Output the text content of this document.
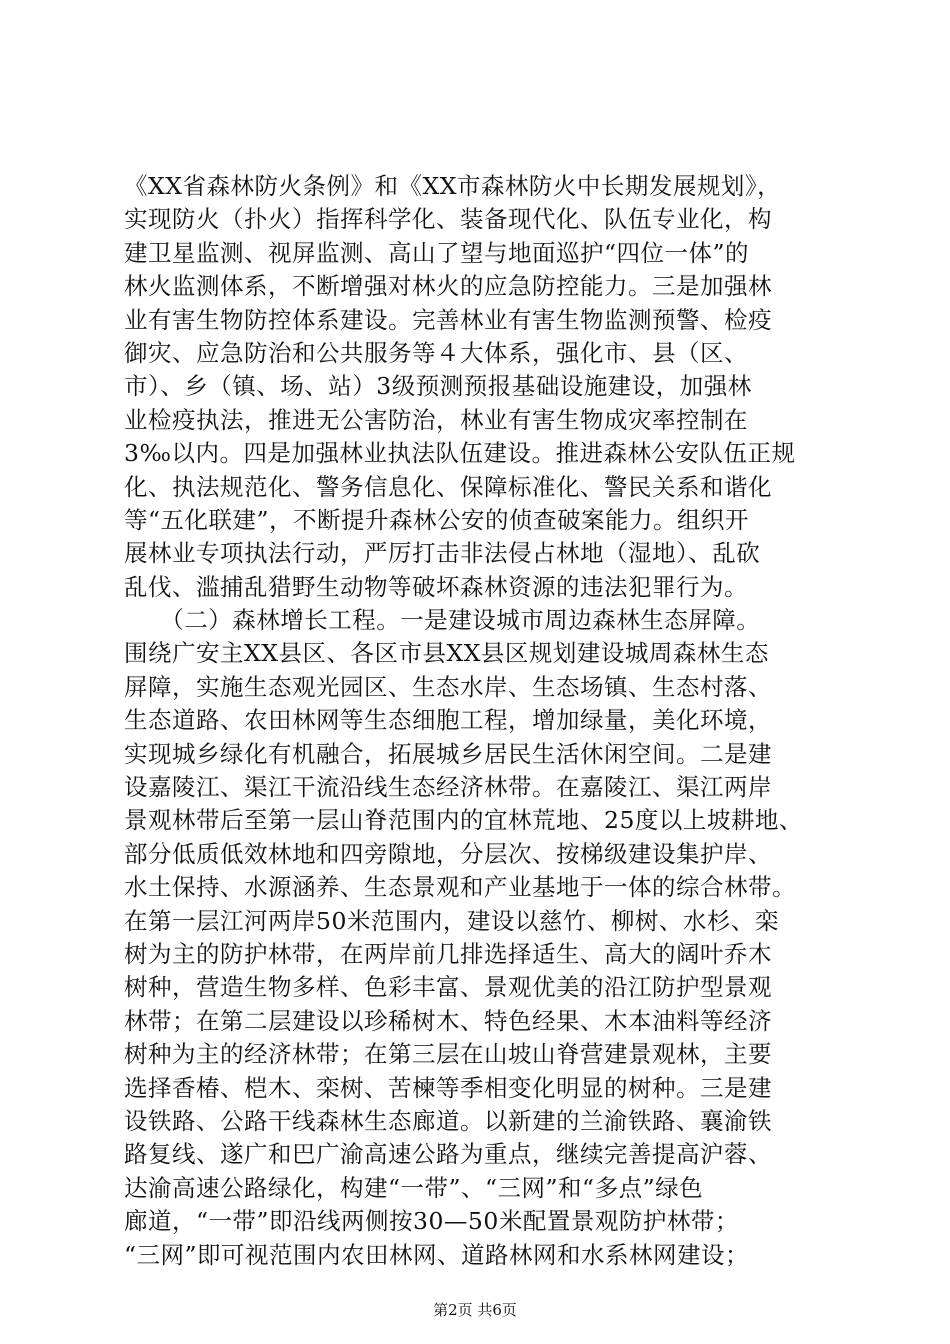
《XX省森林防火条例》和《XX市森林防火中长期发展规划》，
实现防火（扑火）指挥科学化、装备现代化、队伍专业化，构
建卫星监测、视屏监测、高山了望与地面巡护“四位一体”的
林火监测体系，不断增强对林火的应急防控能力。三是加强林
业有害生物防控体系建设。完善林业有害生物监测预警、检疫
御灾、应急防治和公共服务等４大体系，强化市、县（区、
市）、乡（镇、场、站）3级预测预报基础设施建设，加强林
业检疫执法，推进无公害防治，林业有害生物成灾率控制在
3‰以内。四是加强林业执法队伍建设。推进森林公安队伍正规
化、执法规范化、警务信息化、保障标准化、警民关系和谐化
等“五化联建”，不断提升森林公安的侦查破案能力。组织开
展林业专项执法行动，严厉打击非法侵占林地（湿地）、乱砍
乱伐、滥捕乱猎野生动物等破坏森林资源的违法犯罪行为。
　　（二）森林增长工程。一是建设城市周边森林生态屏障。
围绕广安主XX县区、各区市县XX县区规划建设城周森林生态
屏障，实施生态观光园区、生态水岸、生态场镇、生态村落、
生态道路、农田林网等生态细胞工程，增加绿量，美化环境，
实现城乡绿化有机融合，拓展城乡居民生活休闲空间。二是建
设嘉陵江、渠江干流沿线生态经济林带。在嘉陵江、渠江两岸
景观林带后至第一层山脊范围内的宜林荒地、25度以上坡耕地、
部分低质低效林地和四旁隙地，分层次、按梯级建设集护岸、
水土保持、水源涵养、生态景观和产业基地于一体的综合林带。
在第一层江河两岸50米范围内，建设以慈竹、柳树、水杉、栾
树为主的防护林带，在两岸前几排选择适生、高大的阔叶乔木
树种，营造生物多样、色彩丰富、景观优美的沿江防护型景观
林带；在第二层建设以珍稀树木、特色经果、木本油料等经济
树种为主的经济林带；在第三层在山坡山脊营建景观林，主要
选择香椿、桤木、栾树、苦楝等季相变化明显的树种。三是建
设铁路、公路干线森林生态廊道。以新建的兰渝铁路、襄渝铁
路复线、遂广和巴广渝高速公路为重点，继续完善提高沪蓉、
达渝高速公路绿化，构建“一带”、“三网”和“多点”绿色
廊道，“一带”即沿线两侧按30—50米配置景观防护林带；
“三网”即可视范围内农田林网、道路林网和水系林网建设；
第2页 共6页
